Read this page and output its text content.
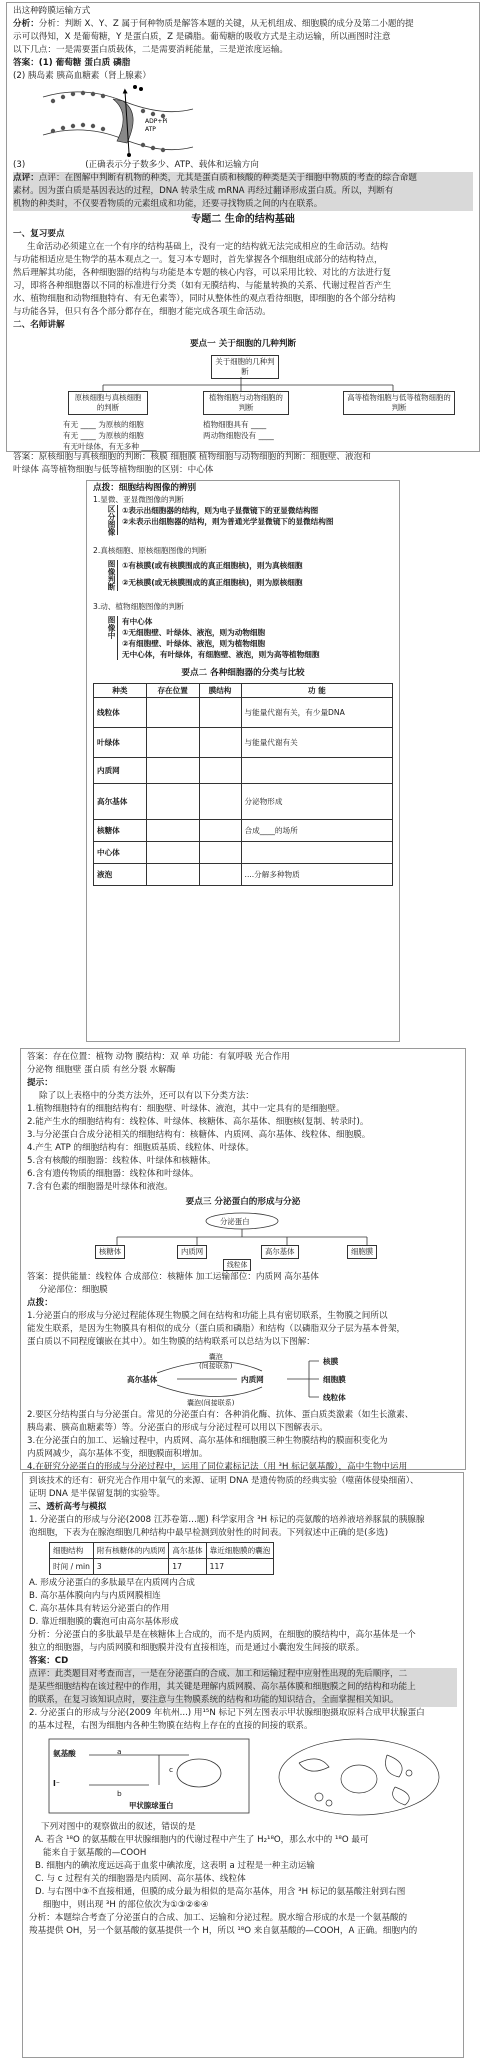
出这种跨膜运输方式
分析：分析：判断 X、Y、Z 属于何种物质是解答本题的关键，从无机组成、细胞膜的成分及第二小题的提
示可以得知，X 是葡萄糖，Y 是蛋白质，Z 是磷脂。葡萄糖的吸收方式是主动运输，所以画图时注意
以下几点：一是需要蛋白质载体，二是需要消耗能量，三是逆浓度运输。
答案：(1) 葡萄糖 蛋白质 磷脂
(2) 胰岛素 胰高血糖素（肾上腺素）
ADP+Pi
ATP
(3)	(正确表示分子数多少、ATP、载体和运输方向
点评：点评：在图解中判断有机物的种类，尤其是蛋白质和核酸的种类是关于细胞中物质的考查的综合命题
素材。因为蛋白质是基因表达的过程，DNA 转录生成 mRNA 再经过翻译形成蛋白质。所以，判断有
机物的种类时，不仅要看物质的元素组成和功能，还要寻找物质之间的内在联系。
专题二 生命的结构基础
一、复习要点
生命活动必须建立在一个有序的结构基础上，没有一定的结构就无法完成相应的生命活动。结构
与功能相适应是生物学的基本观点之一。复习本专题时，首先掌握各个细胞组成部分的结构特点，
然后理解其功能，各种细胞器的结构与功能是本专题的核心内容，可以采用比较、对比的方法进行复
习，即将各种细胞器以不同的标准进行分类（如有无膜结构、与能量转换的关系、代谢过程首否产生
水、植物细胞和动物细胞特有、有无色素等），同时从整体性的观点看待细胞，即细胞的各个部分结构
与功能各异，但只有各个部分都存在，细胞才能完成各项生命活动。
二、名师讲解
要点一 关于细胞的几种判断
关于细胞的几种判断
原核细胞与真核细胞的判断
植物细胞与动物细胞的判断
高等植物细胞与低等植物细胞的判断
有无 ____ 为原核的细胞
有无 ____ 为原核的细胞
有无叶绿体，有无多种 ____
植物细胞具有 ____
两动物细胞没有 ____
答案：原核细胞与真核细胞的判断：核膜 细胞膜 植物细胞与动物细胞的判断：细胞壁、液泡和
叶绿体 高等植物细胞与低等植物细胞的区别：中心体
点拨：细胞结构图像的辨别
1.显微、亚显微图像的判断
区分图像 ①表示出细胞器的结构，则为电子显微镜下的亚显微结构图
②未表示出细胞器的结构，则为普通光学显微镜下的显微结构图
2.真核细胞、原核细胞图像的判断
图像判断 ①有核膜(或有核膜围成的真正细胞核)，则为真核细胞
②无核膜(或无核膜围成的真正细胞核)，则为原核细胞
3.动、植物细胞图像的判断
图像中 有中心体
①无细胞壁、叶绿体、液泡，则为动物细胞
②有细胞壁、叶绿体、液泡，则为植物细胞
无中心体，有叶绿体，有细胞壁、液泡，则为高等植物细胞
要点二 各种细胞器的分类与比较
种类	存在位置	膜结构	功 能
线粒体			与能量代谢有关，有少量DNA
叶绿体			与能量代谢有关
内质网			
高尔基体			分泌物形成
核糖体			合成____的场所
中心体			
液泡			....分解多种物质
答案：存在位置：植物 动物 膜结构：双 单 功能：有氧呼吸 光合作用
分泌物 细胞壁 蛋白质 有丝分裂 水解酶
提示：
除了以上表格中的分类方法外，还可以有以下分类方法：
1.植物细胞特有的细胞结构有：细胞壁、叶绿体、液泡，其中一定具有的是细胞壁。
2.能产生水的细胞结构有：线粒体、叶绿体、核糖体、高尔基体、细胞核(复制、转录时)。
3.与分泌蛋白合成分泌相关的细胞结构有：核糖体、内质网、高尔基体、线粒体、细胞膜。
4.产生 ATP 的细胞结构有：细胞质基质、线粒体、叶绿体。
5.含有核酸的细胞器：线粒体、叶绿体和核糖体。
6.含有遗传物质的细胞器：线粒体和叶绿体。
7.含有色素的细胞器是叶绿体和液泡。
要点三 分泌蛋白的形成与分泌
分泌蛋白
核糖体	内质网	高尔基体	细胞膜
线粒体
答案：提供能量：线粒体 合成部位：核糖体 加工运输部位：内质网 高尔基体
分泌部位：细胞膜
点拨：
1.分泌蛋白的形成与分泌过程能体现生物膜之间在结构和功能上具有密切联系，生物膜之间所以
能发生联系，是因为生物膜具有相似的成分（蛋白质和磷脂）和结构（以磷脂双分子层为基本骨架，
蛋白质以不同程度镶嵌在其中）。如生物膜的结构联系可以总结为以下图解：
高尔基体	内质网
核膜
细胞膜
线粒体
囊泡
(间接联系)
囊泡(间接联系)
2.要区分结构蛋白与分泌蛋白。常见的分泌蛋白有：各种消化酶、抗体、蛋白质类激素（如生长激素、
胰岛素、胰高血糖素等）等。分泌蛋白的形成与分泌过程可以用以下图解表示。
3.在分泌蛋白的加工、运输过程中，内质网、高尔基体和细胞膜三种生物膜结构的膜面积变化为
内质网减少，高尔基体不变，细胞膜面积增加。
4.在研究分泌蛋白的形成与分泌过程中，运用了同位素标记法（用 ³H 标记氨基酸），高中生物中运用
到该技术的还有：研究光合作用中氧气的来源、证明 DNA 是遗传物质的经典实验（噬菌体侵染细菌）、
证明 DNA 是半保留复制的实验等。
三、透析高考与模拟
1. 分泌蛋白的形成与分泌(2008 江苏卷第…题) 科学家用含 ³H 标记的亮氨酸的培养液培养豚鼠的胰腺腺
泡细胞，下表为在腺泡细胞几种结构中最早检测到放射性的时间表。下列叙述中正确的是(多选)
细胞结构	附有核糖体的内质网	高尔基体	靠近细胞膜的囊泡
时间 / min	3	17	117
A. 形成分泌蛋白的多肽最早在内质网内合成
B. 高尔基体膜向内与内质网膜相连
C. 高尔基体具有转运分泌蛋白的作用
D. 靠近细胞膜的囊泡可由高尔基体形成
分析：分泌蛋白的多肽最早是在核糖体上合成的，而不是内质网，在细胞的膜结构中，高尔基体是一个
独立的细胞器，与内质网膜和细胞膜并没有直接相连，而是通过小囊泡发生间接的联系。
答案：CD
点评：此类题目对考查而言，一是在分泌蛋白的合成、加工和运输过程中应射性出现的先后顺序，二
是某些细胞结构在该过程中的作用，其关键是理解内质网膜、高尔基体膜和细胞膜之间的结构和功能上
的联系，在复习该知识点时，要注意与生物膜系统的结构和功能的知识结合，全面掌握相关知识。
2. 分泌蛋白的形成与分泌(2009 年杭州...) 用¹⁵N 标记下列左图表示甲状腺细胞摄取原料合成甲状腺蛋白
的基本过程，右图为细胞内各种生物膜在结构上存在的直接的间接的联系。
氨基酸
I⁻
a
b
c
甲状腺球蛋白
下列对图中的观察做出的叙述，错误的是
A. 若含 ¹⁸O 的氨基酸在甲状腺细胞内的代谢过程中产生了 H₂¹⁸O，那么水中的 ¹⁸O 最可
能来自于氨基酸的—COOH
B. 细胞内的碘浓度远远高于血浆中碘浓度，这表明 a 过程是一种主动运输
C. 与 c 过程有关的细胞器是内质网、高尔基体、线粒体
D. 与右图中③不直接相通，但膜的成分最为相似的是高尔基体，用含 ³H 标记的氨基酸注射到右图
细胞中，则出现 ³H 的部位依次为①③②⑥④
分析：本题综合考查了分泌蛋白的合成、加工、运输和分泌过程。脱水缩合形成的水是一个氨基酸的
羧基提供 OH，另一个氨基酸的氨基提供一个 H，所以 ¹⁸O 来自氨基酸的—COOH，A 正确。细胞内的
